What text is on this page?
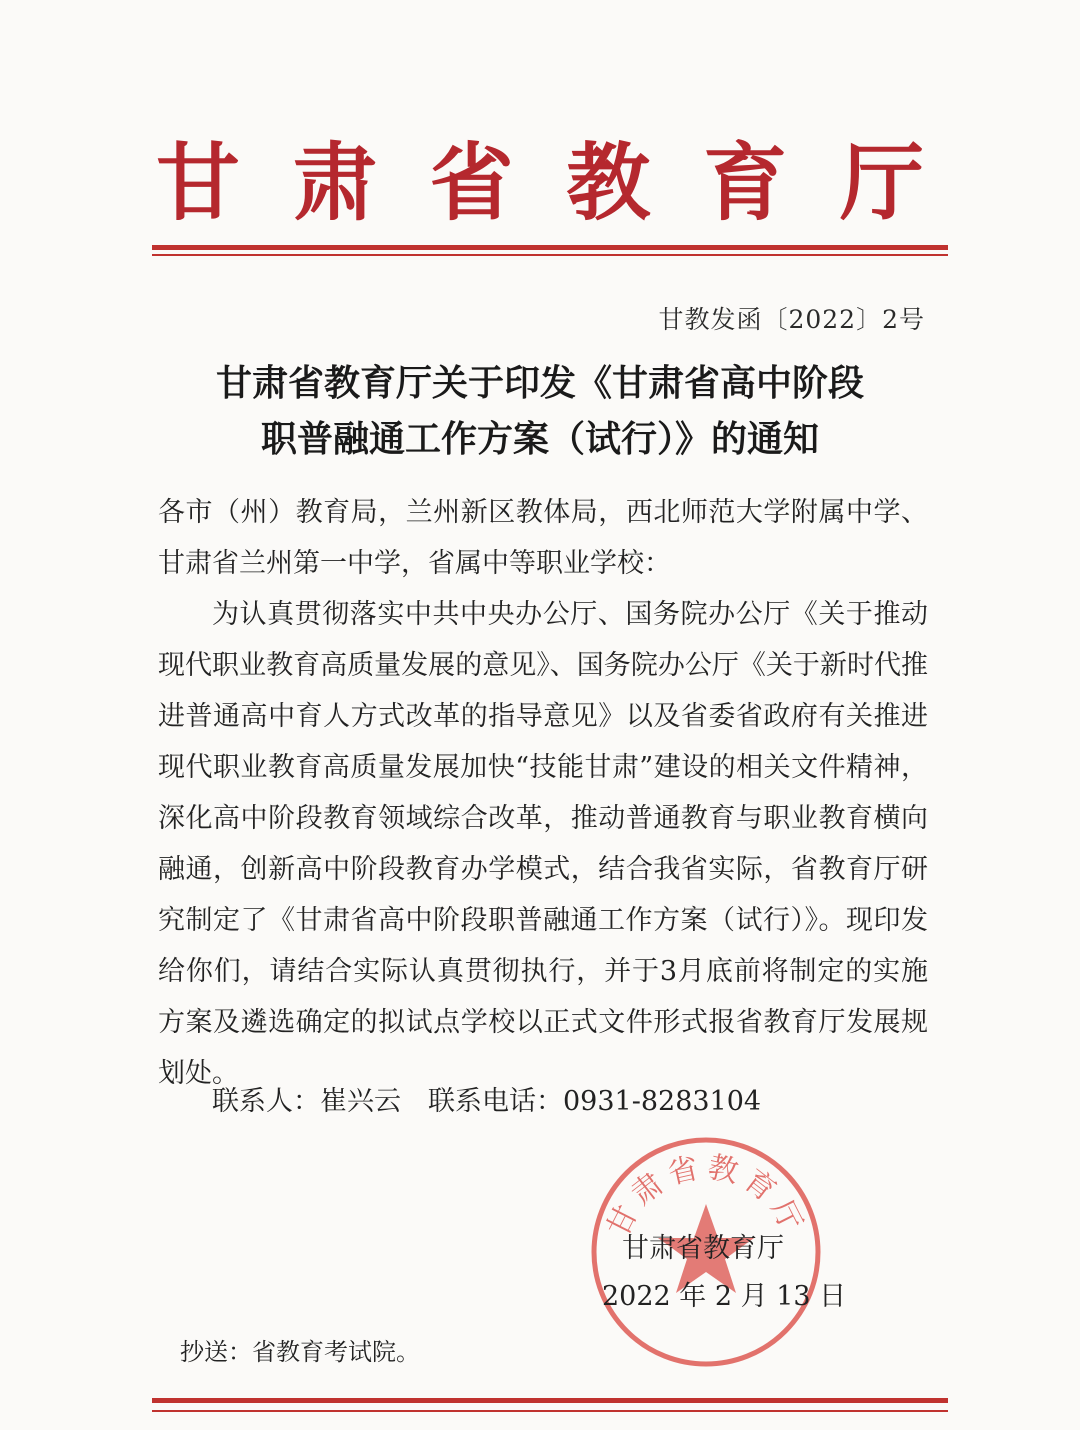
甘 肃 省 教 育 厅
甘教发函〔2022〕2号
甘肃省教育厅关于印发《甘肃省高中阶段
职普融通工作方案（试行）》的通知

各市（州）教育局，兰州新区教体局，西北师范大学附属中学、甘肃省兰州第一中学，省属中等职业学校：

为认真贯彻落实中共中央办公厅、国务院办公厅《关于推动现代职业教育高质量发展的意见》、国务院办公厅《关于新时代推进普通高中育人方式改革的指导意见》以及省委省政府有关推进现代职业教育高质量发展加快“技能甘肃”建设的相关文件精神，深化高中阶段教育领域综合改革，推动普通教育与职业教育横向融通，创新高中阶段教育办学模式，结合我省实际，省教育厅研究制定了《甘肃省高中阶段职普融通工作方案（试行）》。现印发给你们，请结合实际认真贯彻执行，并于3月底前将制定的实施方案及遴选确定的拟试点学校以正式文件形式报省教育厅发展规划处。

联系人：崔兴云　联系电话：0931-8283104
甘肃省教育厅
甘肃省教育厅
2022 年 2 月 13 日
抄送：省教育考试院。
